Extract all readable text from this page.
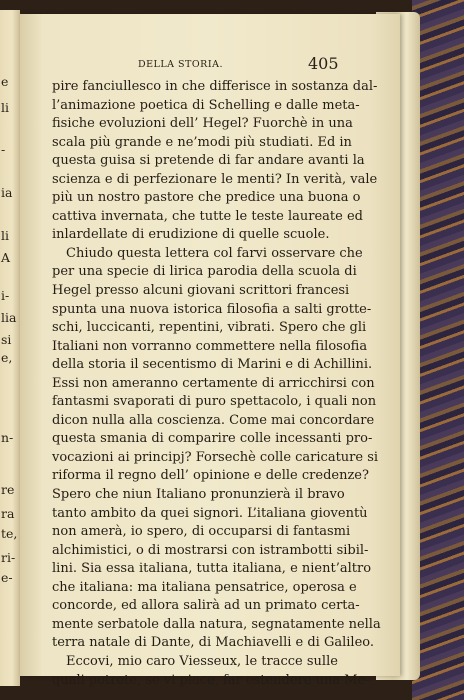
e
li
-
ia
li
A
i-
lia
si
e,
n-
re
ra
te,
ri-
e-
DELLA STORIA.	405
pire fanciullesco in che differisce in sostanza dal-
l’animazione poetica di Schelling e dalle meta-
fisiche evoluzioni dell’ Hegel? Fuorchè in una
scala più grande e ne’modi più studiati. Ed in
questa guisa si pretende di far andare avanti la
scienza e di perfezionare le menti? In verità, vale
più un nostro pastore che predice una buona o
cattiva invernata, che tutte le teste laureate ed
inlardellate di erudizione di quelle scuole.
Chiudo questa lettera col farvi osservare che
per una specie di lirica parodia della scuola di
Hegel presso alcuni giovani scrittori francesi
spunta una nuova istorica filosofia a salti grotte-
schi, luccicanti, repentini, vibrati. Spero che gli
Italiani non vorranno commettere nella filosofia
della storia il secentismo di Marini e di Achillini.
Essi non ameranno certamente di arricchirsi con
fantasmi svaporati di puro spettacolo, i quali non
dicon nulla alla coscienza. Come mai concordare
questa smania di comparire colle incessanti pro-
vocazioni ai principj? Forsechè colle caricature si
riforma il regno dell’ opinione e delle credenze?
Spero che niun Italiano pronunzierà il bravo
tanto ambito da quei signori. L’italiana gioventù
non amerà, io spero, di occuparsi di fantasmi
alchimistici, o di mostrarsi con istrambotti sibil-
lini. Sia essa italiana, tutta italiana, e nient’altro
che italiana: ma italiana pensatrice, operosa e
concorde, ed allora salirà ad un primato certa-
mente serbatole dalla natura, segnatamente nella
terra natale di Dante, di Machiavelli e di Galileo.
Eccovi, mio caro Viesseux, le tracce sulle
quali potrete, se vi piace, far estendere una Me-
